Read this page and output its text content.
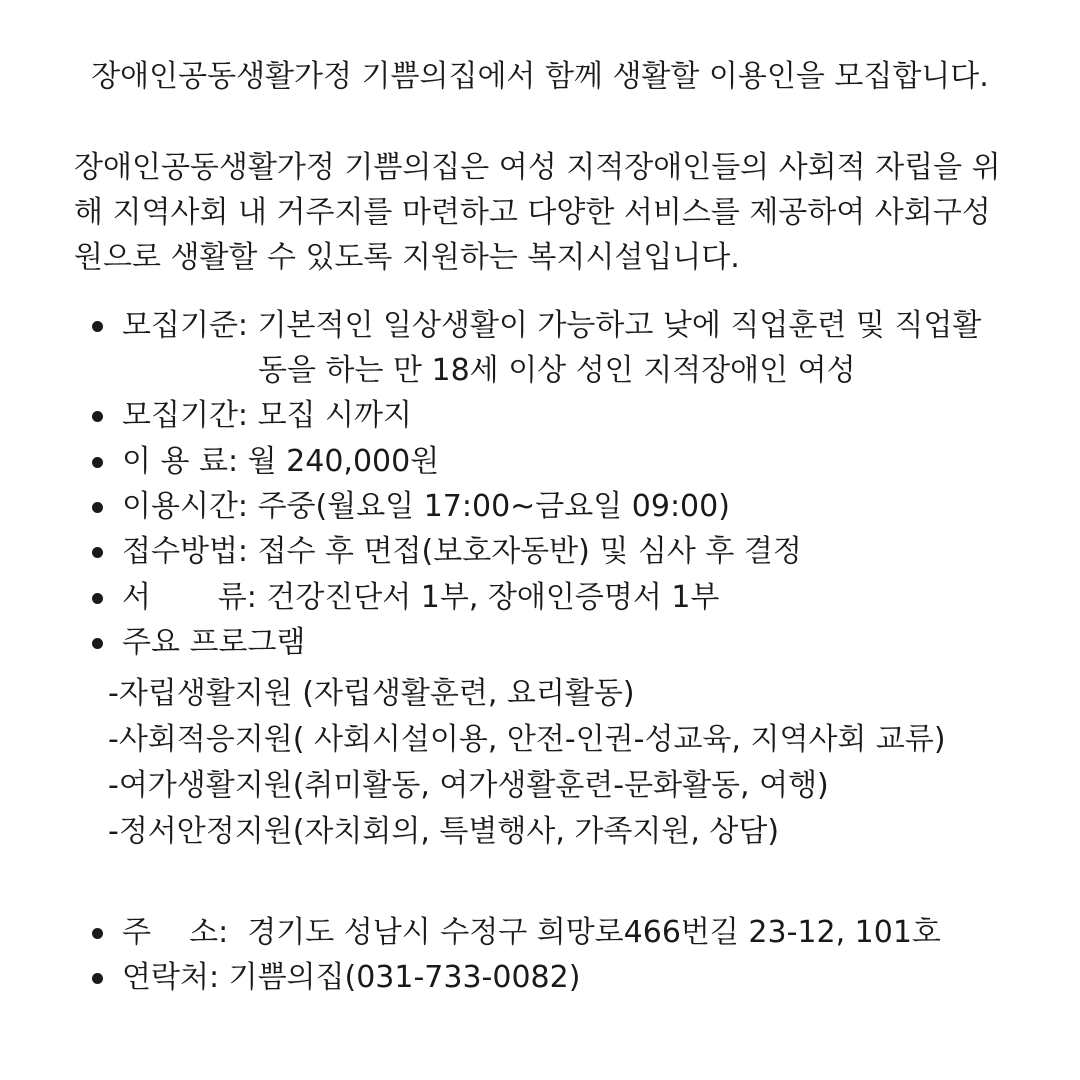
장애인공동생활가정 기쁨의집에서 함께 생활할 이용인을 모집합니다.
장애인공동생활가정 기쁨의집은 여성 지적장애인들의 사회적 자립을 위
해 지역사회 내 거주지를 마련하고 다양한 서비스를 제공하여 사회구성
원으로 생활할 수 있도록 지원하는 복지시설입니다.
모집기준: 기본적인 일상생활이 가능하고 낮에 직업훈련 및 직업활
동을 하는 만 18세 이상 성인 지적장애인 여성
모집기간: 모집 시까지
이 용 료: 월 240,000원
이용시간: 주중(월요일 17:00~금요일 09:00)
접수방법: 접수 후 면접(보호자동반) 및 심사 후 결정
서       류: 건강진단서 1부, 장애인증명서 1부
주요 프로그램
-자립생활지원 (자립생활훈련, 요리활동)
-사회적응지원( 사회시설이용, 안전-인권-성교육, 지역사회 교류)
-여가생활지원(취미활동, 여가생활훈련-문화활동, 여행)
-정서안정지원(자치회의, 특별행사, 가족지원, 상담)
주    소:  경기도 성남시 수정구 희망로466번길 23-12, 101호
연락처: 기쁨의집(031-733-0082)
